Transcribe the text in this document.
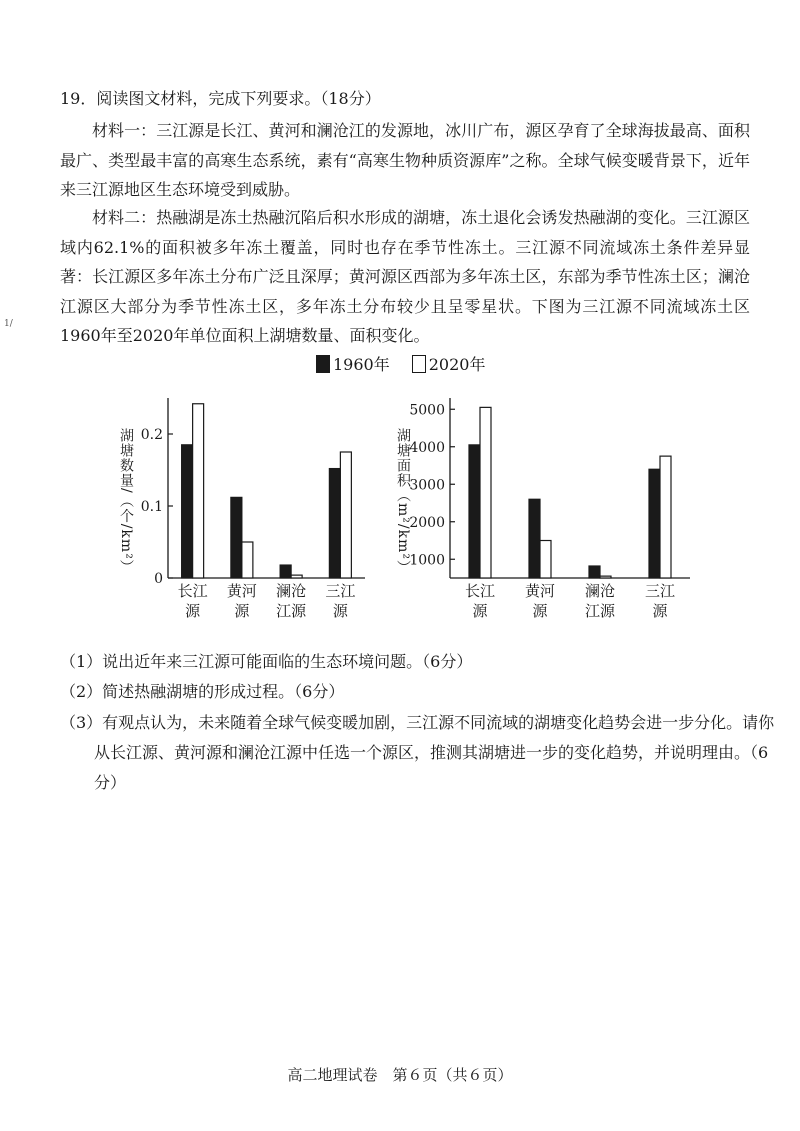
1/
19．阅读图文材料，完成下列要求。（18分）
材料一：三江源是长江、黄河和澜沧江的发源地，冰川广布，源区孕育了全球海拔最高、面积最广、类型最丰富的高寒生态系统，素有“高寒生物种质资源库”之称。全球气候变暖背景下，近年来三江源地区生态环境受到威胁。
材料二：热融湖是冻土热融沉陷后积水形成的湖塘，冻土退化会诱发热融湖的变化。三江源区域内62.1%的面积被多年冻土覆盖，同时也存在季节性冻土。三江源不同流域冻土条件差异显著：长江源区多年冻土分布广泛且深厚；黄河源区西部为多年冻土区，东部为季节性冻土区；澜沧江源区大部分为季节性冻土区，多年冻土分布较少且呈零星状。下图为三江源不同流域冻土区1960年至2020年单位面积上湖塘数量、面积变化。
1960年 2020年
湖塘数量/（个/km²）
0
0.1
0.2
长江
源
黄河
源
澜沧
江源
三江
源
湖塘面积（m²/km²）
1000
2000
3000
4000
5000
长江
源
黄河
源
澜沧
江源
三江
源
（1）说出近年来三江源可能面临的生态环境问题。（6分）
（2）简述热融湖塘的形成过程。（6分）
（3）有观点认为，未来随着全球气候变暖加剧，三江源不同流域的湖塘变化趋势会进一步分化。请你从长江源、黄河源和澜沧江源中任选一个源区，推测其湖塘进一步的变化趋势，并说明理由。（6分）
高二地理试卷　第６页（共６页）
